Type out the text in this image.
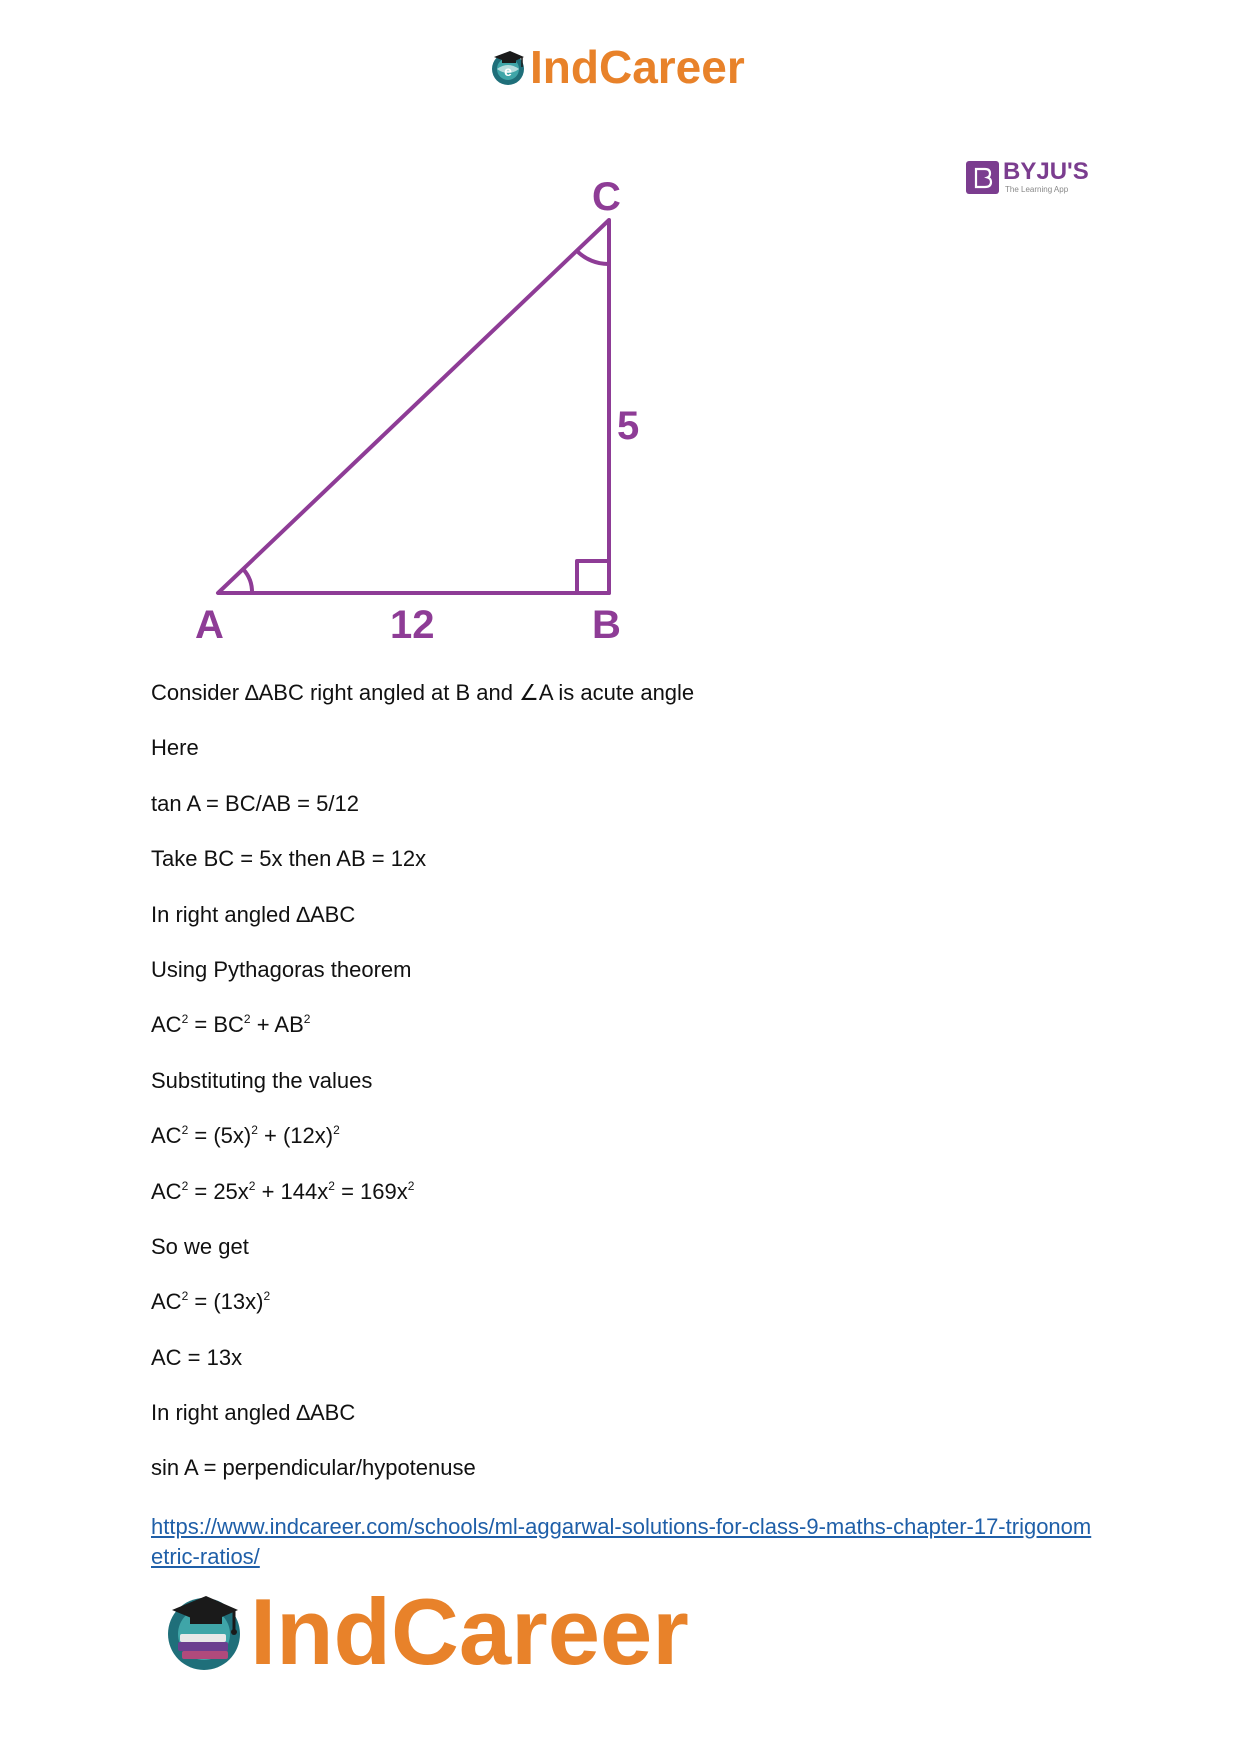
e IndCareer
BYJU'S
The Learning App
C
5
A	12	B
Consider ∆ABC right angled at B and ∠A is acute angle
Here
tan A = BC/AB = 5/12
Take BC = 5x then AB = 12x
In right angled ∆ABC
Using Pythagoras theorem
$AC^2 = BC^2 + AB^2$
Substituting the values
$AC^2 = (5x)^2 + (12x)^2$
$AC^2 = 25x^2 + 144x^2 = 169x^2$
So we get
$AC^2 = (13x)^2$
AC = 13x
In right angled ∆ABC
sin A = perpendicular/hypotenuse
https://www.indcareer.com/schools/ml-aggarwal-solutions-for-class-9-maths-chapter-17-trigonometric-ratios/
IndCareer
